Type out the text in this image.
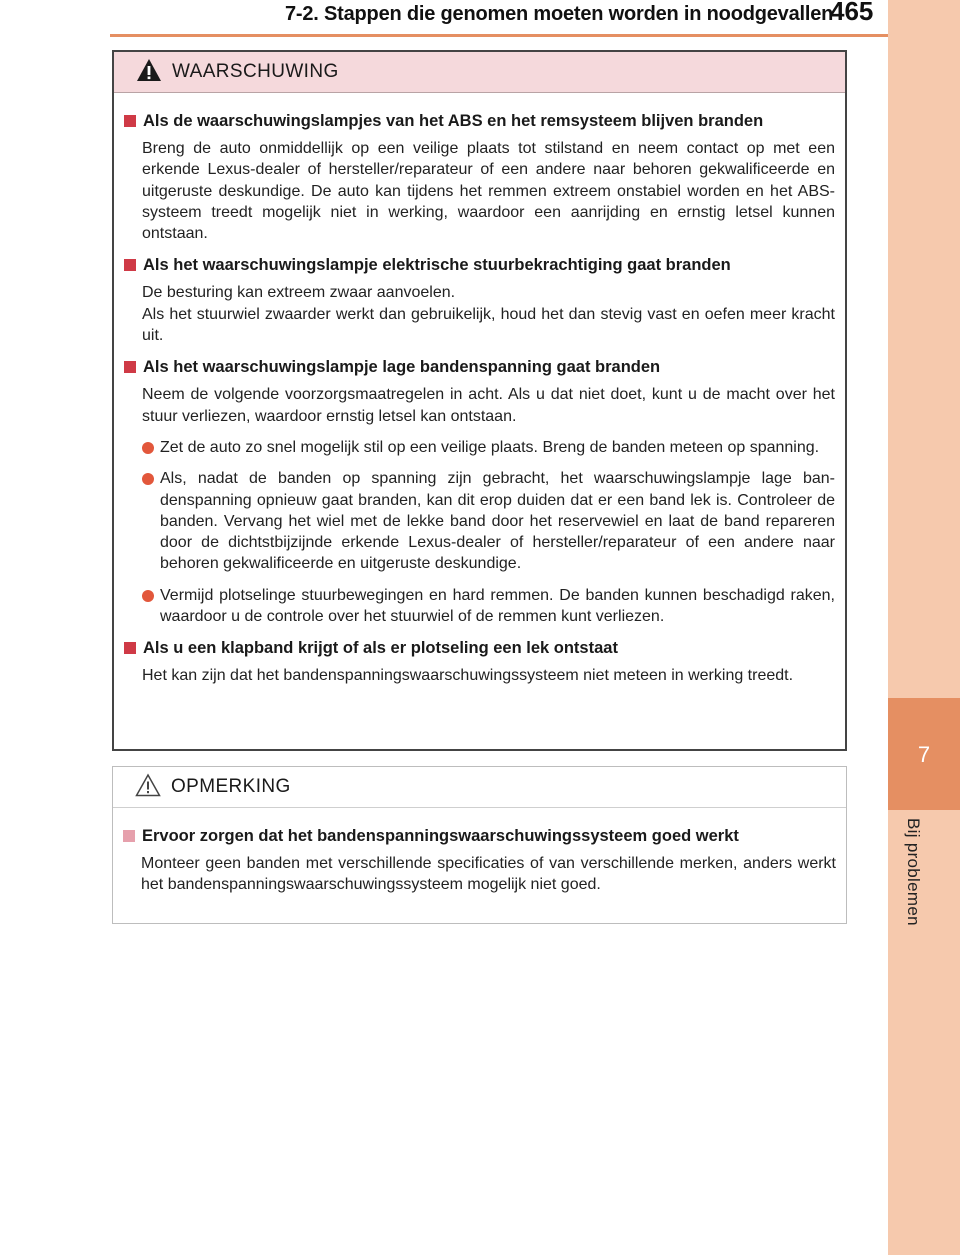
7-2. Stappen die genomen moeten worden in noodgevallen
465
7
Bij problemen
WAARSCHUWING
Als de waarschuwingslampjes van het ABS en het remsysteem blijven branden

Breng de auto onmiddellijk op een veilige plaats tot stilstand en neem contact op met een erkende Lexus-dealer of hersteller/reparateur of een andere naar behoren gekwalificeerde en uitgeruste deskundige. De auto kan tijdens het remmen extreem onstabiel worden en het ABS-systeem treedt mogelijk niet in werking, waardoor een aanrijding en ernstig letsel kunnen ontstaan.

Als het waarschuwingslampje elektrische stuurbekrachtiging gaat branden

De besturing kan extreem zwaar aanvoelen.

Als het stuurwiel zwaarder werkt dan gebruikelijk, houd het dan stevig vast en oefen meer kracht uit.

Als het waarschuwingslampje lage bandenspanning gaat branden

Neem de volgende voorzorgsmaatregelen in acht. Als u dat niet doet, kunt u de macht over het stuur verliezen, waardoor ernstig letsel kan ontstaan.

Zet de auto zo snel mogelijk stil op een veilige plaats. Breng de banden meteen op spanning.
Als, nadat de banden op spanning zijn gebracht, het waarschuwingslampje lage bandenspanning opnieuw gaat branden, kan dit erop duiden dat er een band lek is. Controleer de banden. Vervang het wiel met de lekke band door het reservewiel en laat de band repareren door de dichtstbijzijnde erkende Lexus-dealer of hersteller/reparateur of een andere naar behoren gekwalificeerde en uitgeruste deskundige.
Vermijd plotselinge stuurbewegingen en hard remmen. De banden kunnen beschadigd raken, waardoor u de controle over het stuurwiel of de remmen kunt verliezen.
Als u een klapband krijgt of als er plotseling een lek ontstaat

Het kan zijn dat het bandenspanningswaarschuwingssysteem niet meteen in werking treedt.

OPMERKING
Ervoor zorgen dat het bandenspanningswaarschuwingssysteem goed werkt

Monteer geen banden met verschillende specificaties of van verschillende merken, anders werkt het bandenspanningswaarschuwingssysteem mogelijk niet goed.
